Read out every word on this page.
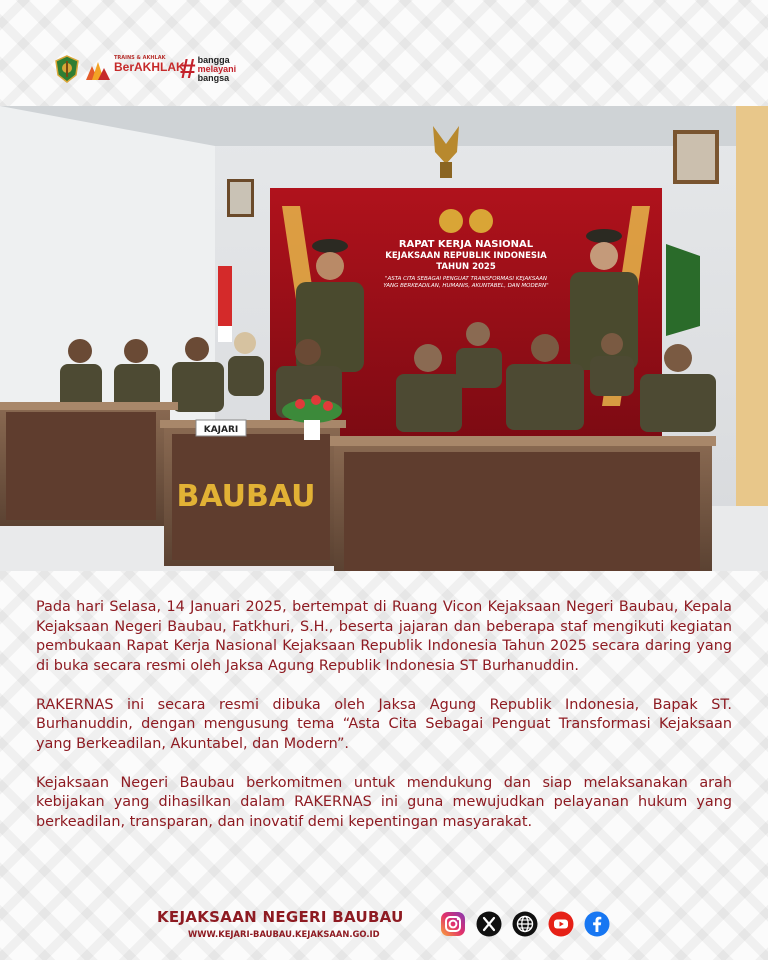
TRAINS & AKHLAK
BerAKHLAK
# bangga
melayani
bangsa
RAPAT KERJA NASIONAL
KEJAKSAAN REPUBLIK INDONESIA
TAHUN 2025
"ASTA CITA SEBAGAI PENGUAT TRANSFORMASI KEJAKSAAN
YANG BERKEADILAN, HUMANIS, AKUNTABEL, DAN MODERN"
KAJARI
BAUBAU

Pada hari Selasa, 14 Januari 2025, bertempat di Ruang Vicon Kejaksaan Negeri Baubau, Kepala Kejaksaan Negeri Baubau, Fatkhuri, S.H., beserta jajaran dan beberapa staf mengikuti kegiatan pembukaan Rapat Kerja Nasional Kejaksaan Republik Indonesia Tahun 2025 secara daring yang di buka secara resmi oleh Jaksa Agung Republik Indonesia ST Burhanuddin.

RAKERNAS ini secara resmi dibuka oleh Jaksa Agung Republik Indonesia, Bapak ST. Burhanuddin, dengan mengusung tema “Asta Cita Sebagai Penguat Transformasi Kejaksaan yang Berkeadilan, Akuntabel, dan Modern”.

Kejaksaan Negeri Baubau berkomitmen untuk mendukung dan siap melaksanakan arah kebijakan yang dihasilkan dalam RAKERNAS ini guna mewujudkan pelayanan hukum yang berkeadilan, transparan, dan inovatif demi kepentingan masyarakat.

KEJAKSAAN NEGERI BAUBAU
WWW.KEJARI-BAUBAU.KEJAKSAAN.GO.ID
